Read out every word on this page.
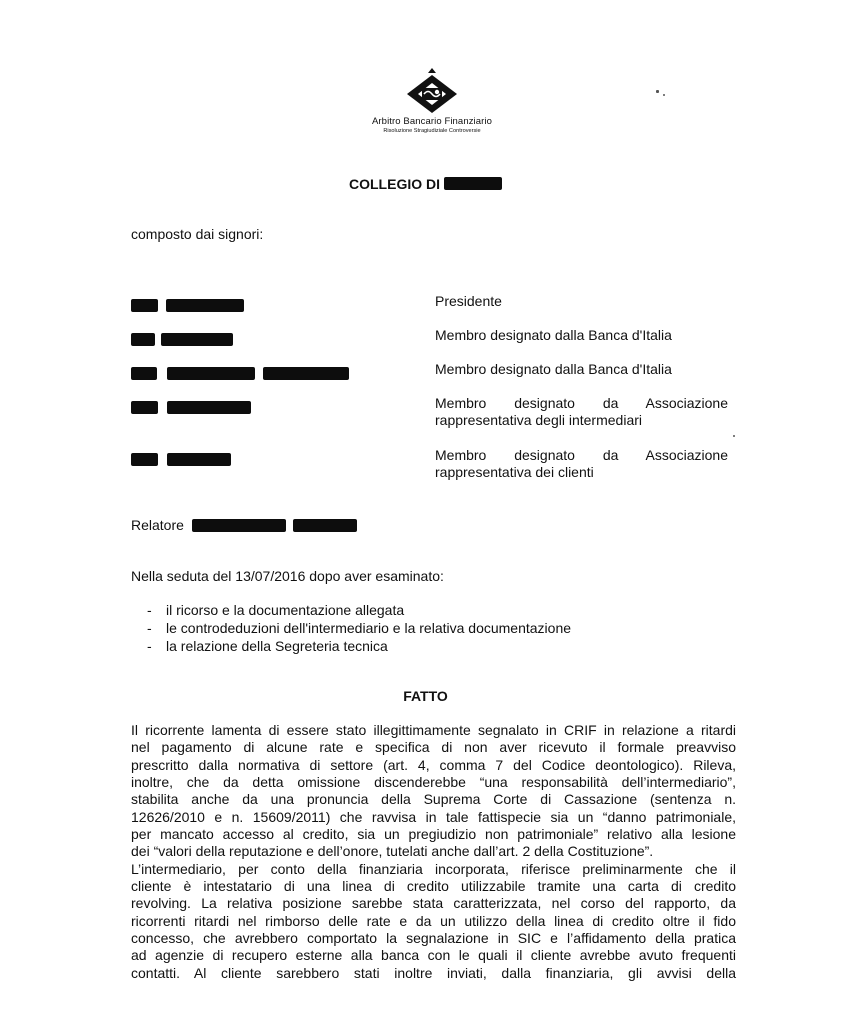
Arbitro Bancario Finanziario
Risoluzione Stragiudiziale Controversie
COLLEGIO DI
composto dai signori:

Presidente

Membro designato dalla Banca d'Italia

Membro designato dalla Banca d'Italia

Membro designato da Associazione
rappresentativa degli intermediari

Membro designato da Associazione
rappresentativa dei clienti
Relatore
Nella seduta del 13/07/2016 dopo aver esaminato:
- il ricorso e la documentazione allegata
- le controdeduzioni dell'intermediario e la relativa documentazione
- la relazione della Segreteria tecnica
FATTO
Il ricorrente lamenta di essere stato illegittimamente segnalato in CRIF in relazione a ritardi
nel pagamento di alcune rate e specifica di non aver ricevuto il formale preavviso
prescritto dalla normativa di settore (art. 4, comma 7 del Codice deontologico). Rileva,
inoltre, che da detta omissione discenderebbe “una responsabilità dell’intermediario”,
stabilita anche da una pronuncia della Suprema Corte di Cassazione (sentenza n.
12626/2010 e n. 15609/2011) che ravvisa in tale fattispecie sia un “danno patrimoniale,
per mancato accesso al credito, sia un pregiudizio non patrimoniale” relativo alla lesione
dei “valori della reputazione e dell’onore, tutelati anche dall’art. 2 della Costituzione”.
L’intermediario, per conto della finanziaria incorporata, riferisce preliminarmente che il
cliente è intestatario di una linea di credito utilizzabile tramite una carta di credito
revolving. La relativa posizione sarebbe stata caratterizzata, nel corso del rapporto, da
ricorrenti ritardi nel rimborso delle rate e da un utilizzo della linea di credito oltre il fido
concesso, che avrebbero comportato la segnalazione in SIC e l’affidamento della pratica
ad agenzie di recupero esterne alla banca con le quali il cliente avrebbe avuto frequenti
contatti. Al cliente sarebbero stati inoltre inviati, dalla finanziaria, gli avvisi della
